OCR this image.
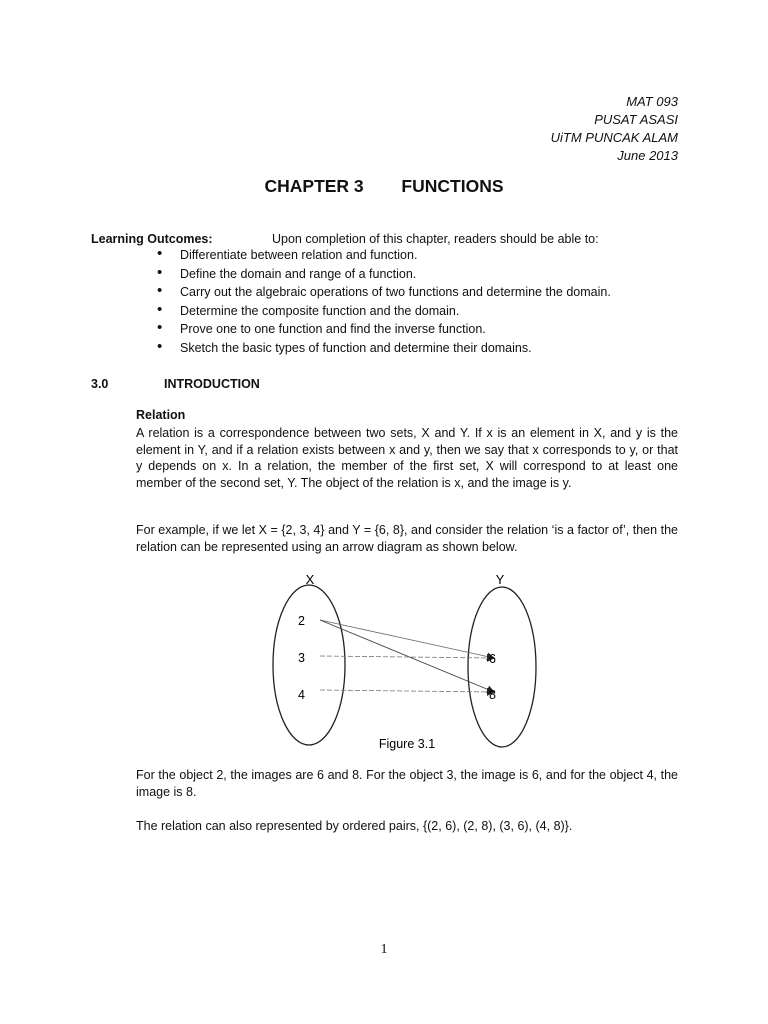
MAT 093
PUSAT ASASI
UiTM PUNCAK ALAM
June 2013
CHAPTER 3 FUNCTIONS
Learning Outcomes:	Upon completion of this chapter, readers should be able to:
• Differentiate between relation and function.
• Define the domain and range of a function.
• Carry out the algebraic operations of two functions and determine the domain.
• Determine the composite function and the domain.
• Prove one to one function and find the inverse function.
• Sketch the basic types of function and determine their domains.
3.0	INTRODUCTION
Relation
A relation is a correspondence between two sets, X and Y. If x is an element in X, and y is the element in Y, and if a relation exists between x and y, then we say that x corresponds to y, or that y depends on x. In a relation, the member of the first set, X will correspond to at least one member of the second set, Y. The object of the relation is x, and the image is y.
For example, if we let X = {2, 3, 4} and Y = {6, 8}, and consider the relation ‘is a factor of’, then the relation can be represented using an arrow diagram as shown below.
X	Y
2
3
4
6
8
Figure 3.1
For the object 2, the images are 6 and 8. For the object 3, the image is 6, and for the object 4, the image is 8.
The relation can also represented by ordered pairs, {(2, 6), (2, 8), (3, 6), (4, 8)}.
1
